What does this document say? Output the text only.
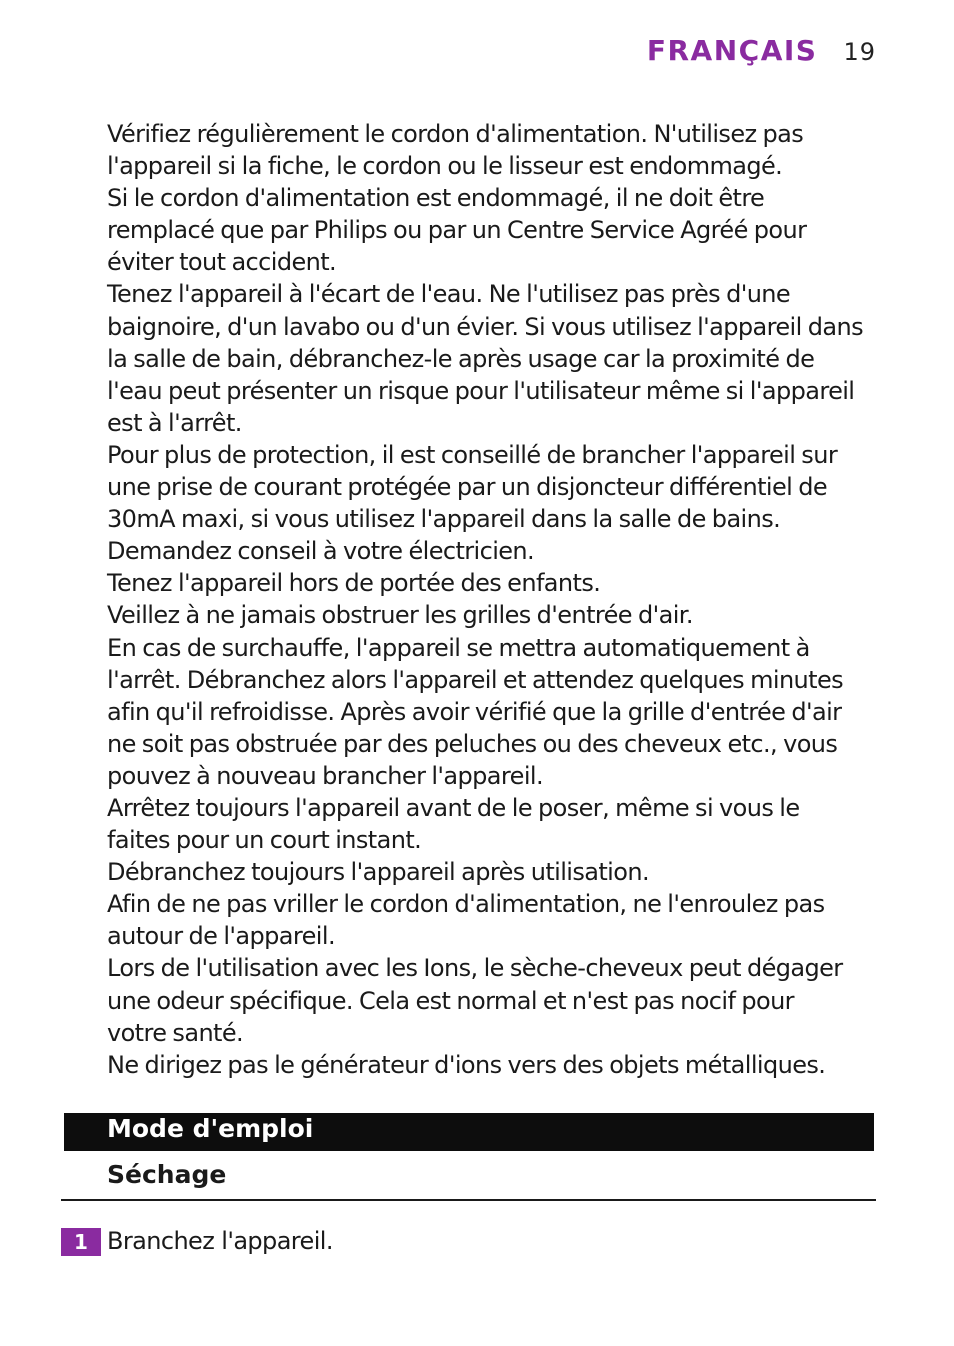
FRANÇAIS 19
Vérifiez régulièrement le cordon d'alimentation. N'utilisez pas
l'appareil si la fiche, le cordon ou le lisseur est endommagé.
Si le cordon d'alimentation est endommagé, il ne doit être
remplacé que par Philips ou par un Centre Service Agréé pour
éviter tout accident.
Tenez l'appareil à l'écart de l'eau. Ne l'utilisez pas près d'une
baignoire, d'un lavabo ou d'un évier. Si vous utilisez l'appareil dans
la salle de bain, débranchez-le après usage car la proximité de
l'eau peut présenter un risque pour l'utilisateur même si l'appareil
est à l'arrêt.
Pour plus de protection, il est conseillé de brancher l'appareil sur
une prise de courant protégée par un disjoncteur différentiel de
30mA maxi, si vous utilisez l'appareil dans la salle de bains.
Demandez conseil à votre électricien.
Tenez l'appareil hors de portée des enfants.
Veillez à ne jamais obstruer les grilles d'entrée d'air.
En cas de surchauffe, l'appareil se mettra automatiquement à
l'arrêt. Débranchez alors l'appareil et attendez quelques minutes
afin qu'il refroidisse. Après avoir vérifié que la grille d'entrée d'air
ne soit pas obstruée par des peluches ou des cheveux etc., vous
pouvez à nouveau brancher l'appareil.
Arrêtez toujours l'appareil avant de le poser, même si vous le
faites pour un court instant.
Débranchez toujours l'appareil après utilisation.
Afin de ne pas vriller le cordon d'alimentation, ne l'enroulez pas
autour de l'appareil.
Lors de l'utilisation avec les Ions, le sèche-cheveux peut dégager
une odeur spécifique. Cela est normal et n'est pas nocif pour
votre santé.
Ne dirigez pas le générateur d'ions vers des objets métalliques.
Mode d'emploi
Séchage
1 Branchez l'appareil.
